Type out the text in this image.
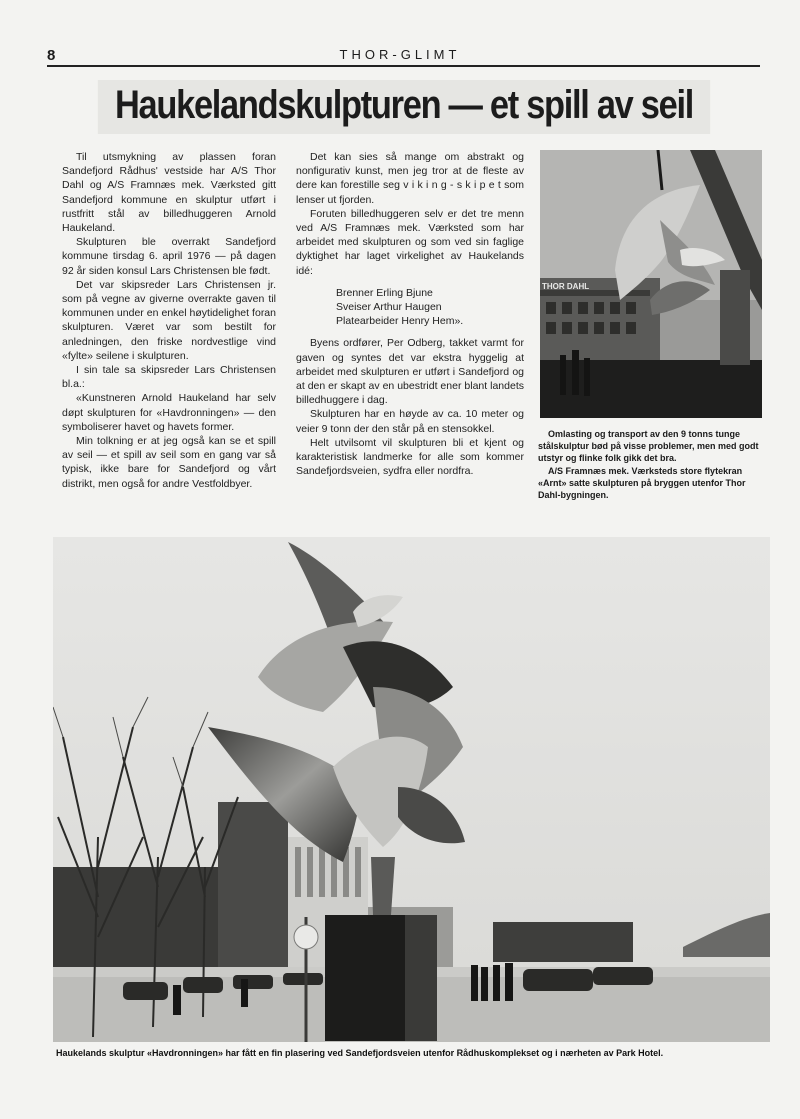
8	THOR-GLIMT
Haukelandskulpturen — et spill av seil

Til utsmykning av plassen foran Sandefjord Rådhus' vestside har A/S Thor Dahl og A/S Framnæs mek. Værksted gitt Sandefjord kommune en skulptur utført i rustfritt stål av billedhuggeren Arnold Haukeland.

Skulpturen ble overrakt Sandefjord kommune tirsdag 6. april 1976 — på dagen 92 år siden konsul Lars Christensen ble født.

Det var skipsreder Lars Christensen jr. som på vegne av giverne overrakte gaven til kommunen under en enkel høytidelighet foran skulpturen. Været var som bestilt for anledningen, den friske nordvestlige vind «fylte» seilene i skulpturen.

I sin tale sa skipsreder Lars Christensen bl.a.:

«Kunstneren Arnold Haukeland har selv døpt skulpturen for «Havdronningen» — den symboliserer havet og havets former.

Min tolkning er at jeg også kan se et spill av seil — et spill av seil som en gang var så typisk, ikke bare for Sandefjord og vårt distrikt, men også for andre Vestfoldbyer.

Det kan sies så mange om abstrakt og nonfigurativ kunst, men jeg tror at de fleste av dere kan forestille seg v i k i n g - s k i p e t som lenser ut fjorden.

Foruten billedhuggeren selv er det tre menn ved A/S Framnæs mek. Værksted som har arbeidet med skulpturen og som ved sin faglige dyktighet har laget virkelighet av Haukelands idé:

Brenner Erling Bjune
Sveiser Arthur Haugen
Platearbeider Henry Hem».

Byens ordfører, Per Odberg, takket varmt for gaven og syntes det var ekstra hyggelig at arbeidet med skulpturen er utført i Sandefjord og at den er skapt av en ubestridt ener blant landets billedhuggere i dag.

Skulpturen har en høyde av ca. 10 meter og veier 9 tonn der den står på en stensokkel.

Helt utvilsomt vil skulpturen bli et kjent og karakteristisk landmerke for alle som kommer Sandefjordsveien, sydfra eller nordfra.

THOR DAHL
Omlasting og transport av den 9 tonns tunge stålskulptur bød på visse problemer, men med godt utstyr og flinke folk gikk det bra.
A/S Framnæs mek. Værksteds store flytekran «Arnt» satte skulpturen på bryggen utenfor Thor Dahl-bygningen.
Haukelands skulptur «Havdronningen» har fått en fin plasering ved Sandefjordsveien utenfor Rådhuskomplekset og i nærheten av Park Hotel.
